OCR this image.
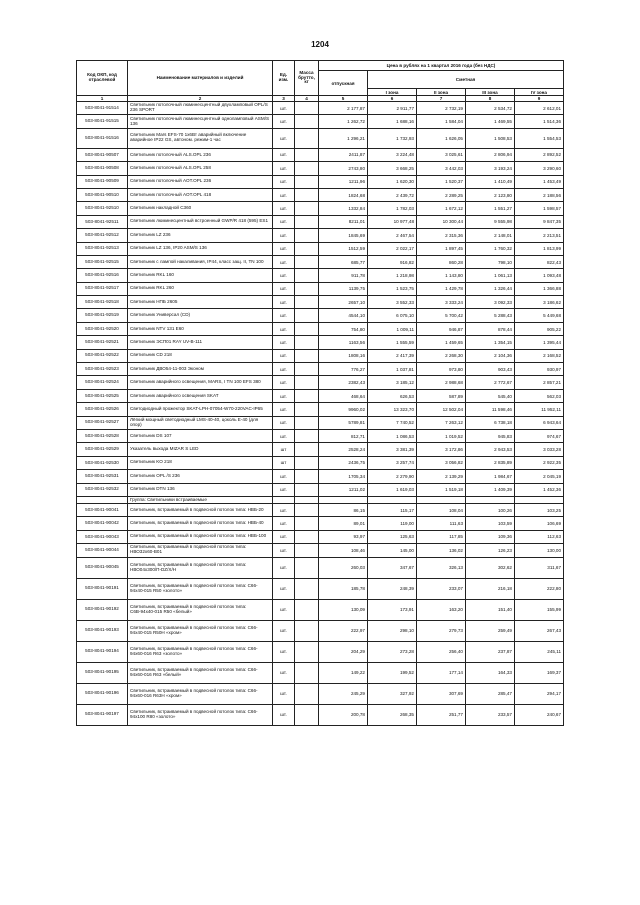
1204
Код ОКП, код отраслевой	Наименование материалов и изделий	Ед. изм.	Масса брутто, кг	Цена в рублях на 1 квартал 2016 года (без НДС)				
				отпускная	Сметная			
					I зона	II зона	III зона	IV зона
1	2	3	4	5	6	7	8	9
503-8041-91514	Светильник потолочный люминесцентный двухламповый OPL/S 236 SPORT	шт.		2 177,87	2 911,77	2 732,19	2 534,72	2 612,01
503-8041-91515	Светильник потолочный люминесцентный одноламповый ASM/S 136	шт.		1 262,72	1 688,16	1 584,04	1 469,55	1 514,36
503-8041-91516	Светильник Mars EFS-70 1х6Вт аварийный включение аварийное IP22 GS, автоном. режим-1 час	шт.		1 296,21	1 732,93	1 626,05	1 508,53	1 554,53
503-8041-90507	Светильник потолочный ALS.OPL 236	шт.		2411,87	3 224,48	3 025,61	2 806,94	2 892,52
503-8041-90508	Светильник потолочный ALS.OPL 258	шт.		2743,80	3 668,25	3 442,03	3 193,24	3 290,60
503-8041-90509	Светильник потолочный AOT.OPL 236	шт.		1211,96	1 620,30	1 520,37	1 410,49	1 453,49
503-8041-90510	Светильник потолочный AOT.OPL 418	шт.		1824,68	2 439,72	2 289,25	2 123,80	2 188,56
503-8041-92510	Светильник накладной С360	шт.		1332,84	1 782,03	1 672,12	1 551,27	1 598,57
503-8041-92511	Светильник люминесцентный встроенный GWP/R 418 (595) ES1	шт.		8211,01	10 977,48	10 300,44	9 555,98	9 847,35
503-8041-92512	Светильник LZ 236	шт.		1845,69	2 467,54	2 315,36	2 148,01	2 213,51
503-8041-92513	Светильник LZ 136, IP20 ASM/S 136	шт.		1512,59	2 022,17	1 897,45	1 760,32	1 813,99
503-8041-92515	Светильник с лампой накаливания, IP44, класс защ. II, ТN 100	шт.		685,77	916,82	860,28	798,10	822,43
503-8041-92516	Светильник RKL 160	шт.		911,78	1 218,98	1 143,80	1 061,13	1 093,48
503-8041-92517	Светильник RKL 260	шт.		1139,75	1 523,75	1 429,78	1 326,44	1 366,88
503-8041-92518	Светильник НПБ 2605	шт.		2657,10	3 552,33	3 333,24	3 092,33	3 186,62
503-8041-92519	Светильник Универсал (CD)	шт.		4544,10	6 075,10	5 700,42	5 288,43	5 449,68
503-8041-92520	Светильник NTV 131 E60	шт.		754,80	1 009,11	946,87	878,44	905,22
503-8041-92521	Светильник ЭСП01 RAY UV-B-111	шт.		1163,56	1 555,59	1 459,65	1 354,15	1 395,44
503-8041-92522	Светильник CD 218	шт.		1808,16	2 417,39	2 268,30	2 104,36	2 168,52
503-8041-92523	Светильник ДВО54-11-003 Эконом	шт.		776,27	1 037,81	973,80	903,43	930,97
503-8041-92524	Светильник аварийного освещения, MARS, I ТN 100 EFS 380	шт.		2382,43	3 185,12	2 988,68	2 772,67	2 857,21
503-8041-92525	Светильник аварийного освещения SKAT	шт.		468,64	626,53	587,89	545,40	562,03
503-8041-92526	Светодиодный прожектор SKAT-LPH-07054-W70-220VAC-IP65	шт.		9960,02	13 323,70	12 502,04	11 598,46	11 952,11
503-8041-92527	Лёгкий мощный светодиодный LMS-40-40, цоколь Е-40 (для опор)	шт.		5789,81	7 740,52	7 263,12	6 738,18	6 943,64
503-8041-92528	Светильник DS 107	шт.		812,71	1 086,53	1 019,52	945,83	974,67
503-8041-92529	Указатель выхода MIZAR S LED	шт		2528,24	3 381,39	3 172,86	2 943,53	3 033,28
503-8041-92530	Светильник KO 218	шт		2436,75	3 257,74	3 056,82	2 835,89	2 922,35
503-8041-92531	Светильник OPL /S 236	шт.		1705,34	2 279,90	2 139,29	1 984,67	2 045,19
503-8041-92532	Светильник DTN 136	шт.		1211,02	1 619,03	1 519,18	1 409,39	1 452,36
	Группа: Светильники встраиваемые							
503-8041-90041	Светильник, встраиваемый в подвесной потолок типа: НВБ-20	шт.		86,15	115,17	108,04	100,26	103,25
503-8041-90042	Светильник, встраиваемый в подвесной потолок типа: НВБ-40	шт.		89,01	119,00	111,63	103,59	106,69
503-8041-90043	Светильник, встраиваемый в подвесной потолок типа: НВБ-100	шт.		93,97	125,63	117,85	109,36	112,63
503-8041-90044	Светильник, встраиваемый в подвесной потолок типа: НВО32х60-В01	шт.		108,46	145,00	136,02	126,23	130,00
503-8041-90045	Светильник, встраиваемый в подвесной потолок типа: НВО04х300/П-DZ/Х/Н	шт.		260,03	347,67	326,13	302,62	311,67
503-8041-90191	Светильник, встраиваемый в подвесной потолок типа: С66-94х40-015 R50 «золото»	шт.		185,78	248,39	233,07	216,18	222,80
503-8041-90192	Светильник, встраиваемый в подвесной потолок типа: С6В-94х40-015 R50 «белый»	шт.		130,09	173,91	163,20	151,40	155,99
503-8041-90193	Светильник, встраиваемый в подвесной потолок типа: С66-94х40-015 R50Н «хром»	шт.		222,97	298,10	279,73	259,49	267,43
503-8041-90194	Светильник, встраиваемый в подвесной потолок типа: С66-94х60-016 R63 «золото»	шт.		204,29	273,28	256,40	237,87	245,11
503-8041-90195	Светильник, встраиваемый в подвесной потолок типа: С66-94х60-016 R63 «белый»	шт.		149,22	199,52	177,14	164,33	169,37
503-8041-90196	Светильник, встраиваемый в подвесной потолок типа: С66-94х60-016 R63Н «хром»	шт.		245,29	327,92	307,69	285,47	294,17
503-8041-90197	Светильник, встраиваемый в подвесной потолок типа: С66-94х100 R80 «золото»	шт.		200,78	268,35	251,77	233,57	240,67
